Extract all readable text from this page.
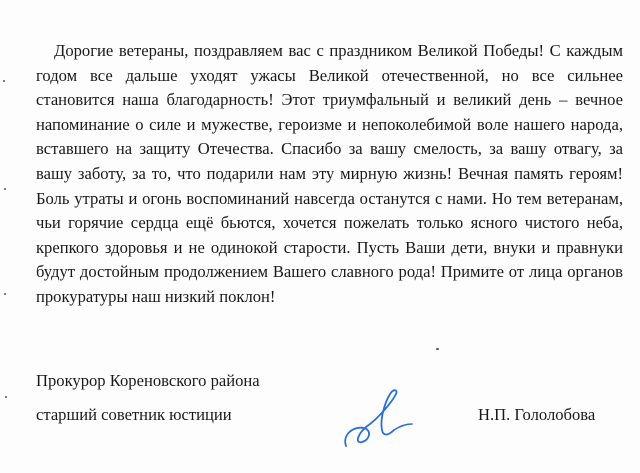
Дорогие ветераны, поздравляем вас с праздником Великой Победы! С каждым годом все дальше уходят ужасы Великой отечественной, но все сильнее становится наша благодарность! Этот триумфальный и великий день – вечное напоминание о силе и мужестве, героизме и непоколебимой воле нашего народа, вставшего на защиту Отечества. Спасибо за вашу смелость, за вашу отвагу, за вашу заботу, за то, что подарили нам эту мирную жизнь! Вечная память героям! Боль утраты и огонь воспоминаний навсегда останутся с нами. Но тем ветеранам, чьи горячие сердца ещё бьются, хочется пожелать только ясного чистого неба, крепкого здоровья и не одинокой старости. Пусть Ваши дети, внуки и правнуки будут достойным продолжением Вашего славного рода! Примите от лица органов прокуратуры наш низкий поклон!

Прокурор Кореновского района

старший советник юстиции	Н.П. Гололобова
